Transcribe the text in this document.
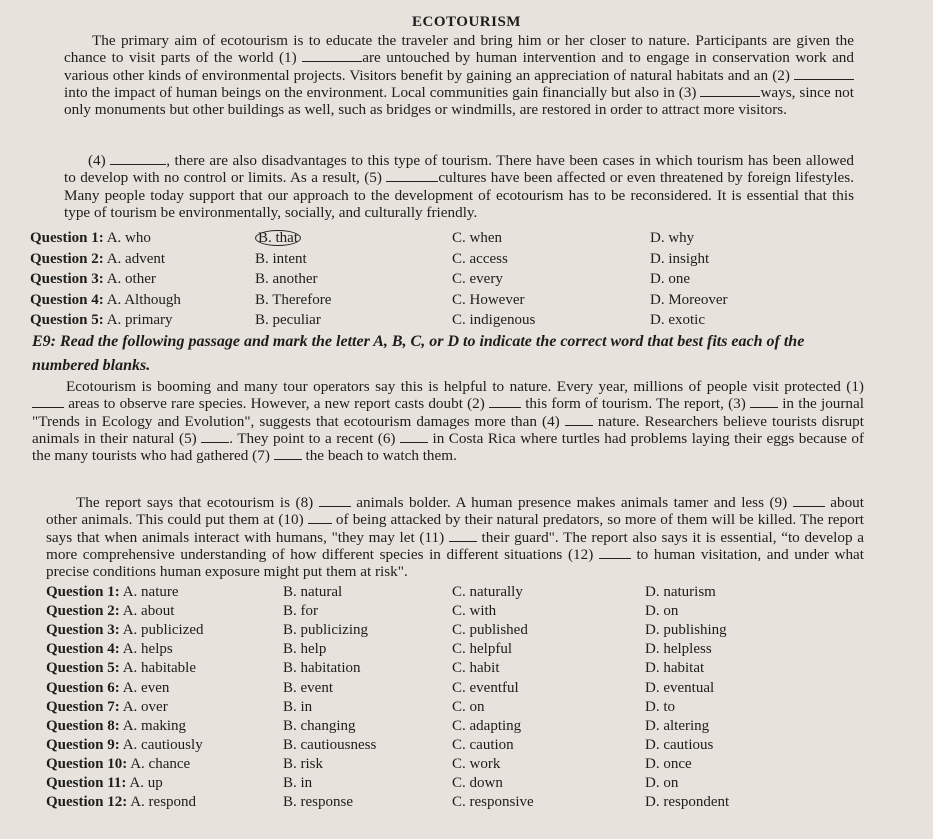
ECOTOURISM

The primary aim of ecotourism is to educate the traveler and bring him or her closer to nature. Participants are given the chance to visit parts of the world (1)	are untouched by human intervention and to engage in conservation work and various other kinds of environmental projects. Visitors benefit by gaining an appreciation of natural habitats and an (2) into the impact of human beings on the environment. Local communities gain financially but also in (3)	ways, since not only monuments but other buildings as well, such as bridges or windmills, are restored in order to attract more visitors.

(4)	, there are also disadvantages to this type of tourism. There have been cases in which tourism has been allowed to develop with no control or limits. As a result, (5)	cultures have been affected or even threatened by foreign lifestyles. Many people today support that our approach to the development of ecotourism has to be reconsidered. It is essential that this type of tourism be environmentally, socially, and culturally friendly.

Question 1: A. who	B. that	C. when	D. why
Question 2: A. advent	B. intent	C. access	D. insight
Question 3: A. other	B. another	C. every	D. one
Question 4: A. Although	B. Therefore	C. However	D. Moreover
Question 5: A. primary	B. peculiar	C. indigenous	D. exotic
E9: Read the following passage and mark the letter A, B, C, or D to indicate the correct word that best fits each of the numbered blanks.

Ecotourism is booming and many tour operators say this is helpful to nature. Every year, millions of people visit protected (1)  areas to observe rare species. However, a new report casts doubt (2)  this form of tourism. The report, (3)  in the journal "Trends in Ecology and Evolution", suggests that ecotourism damages more than (4)  nature. Researchers believe tourists disrupt animals in their natural (5) . They point to a recent (6)  in Costa Rica where turtles had problems laying their eggs because of the many tourists who had gathered (7)  the beach to watch them.

The report says that ecotourism is (8)  animals bolder. A human presence makes animals tamer and less (9)  about other animals. This could put them at (10)  of being attacked by their natural predators, so more of them will be killed. The report says that when animals interact with humans, "they may let (11)  their guard". The report also says it is essential, “to develop a more comprehensive understanding of how different species in different situations (12)  to human visitation, and under what precise conditions human exposure might put them at risk".

Question 1: A. nature	B. natural	C. naturally	D. naturism
Question 2: A. about	B. for	C. with	D. on
Question 3: A. publicized	B. publicizing	C. published	D. publishing
Question 4: A. helps	B. help	C. helpful	D. helpless
Question 5: A. habitable	B. habitation	C. habit	D. habitat
Question 6: A. even	B. event	C. eventful	D. eventual
Question 7: A. over	B. in	C. on	D. to
Question 8: A. making	B. changing	C. adapting	D. altering
Question 9: A. cautiously	B. cautiousness	C. caution	D. cautious
Question 10: A. chance	B. risk	C. work	D. once
Question 11: A. up	B. in	C. down	D. on
Question 12: A. respond	B. response	C. responsive	D. respondent
